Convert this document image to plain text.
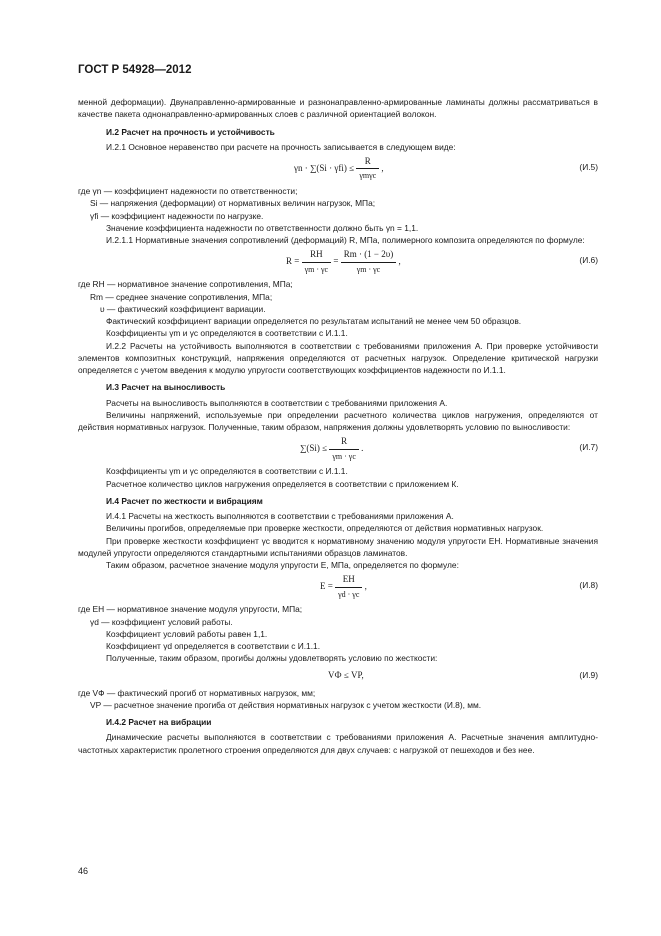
ГОСТ Р 54928—2012

менной деформации). Двунаправленно-армированные и разнонаправленно-армированные ламинаты должны рассматриваться в качестве пакета однонаправленно-армированных слоев с различной ориентацией волокон.

И.2 Расчет на прочность и устойчивость

И.2.1 Основное неравенство при расчете на прочность записывается в следующем виде:

$\gamma n \cdot \sum(Si \cdot \gamma fi) \le \frac{R}{\text{γmγc}}$ ,	(И.5)

где γn — коэффициент надежности по ответственности;

Si — напряжения (деформации) от нормативных величин нагрузок, МПа;

γfi — коэффициент надежности по нагрузке.

Значение коэффициента надежности по ответственности должно быть γn = 1,1.

И.2.1.1 Нормативные значения сопротивлений (деформаций) R, МПа, полимерного композита определяются по формуле:

$R = \frac{RH}{\gamma m \cdot \gamma c} = \frac{Rm \cdot (1 - 2\upsilon)}{\gamma m \cdot \gamma c}$ ,	(И.6)

где RH — нормативное значение сопротивления, МПа;

Rm — среднее значение сопротивления, МПа;

υ — фактический коэффициент вариации.

Фактический коэффициент вариации определяется по результатам испытаний не менее чем 50 образцов.

Коэффициенты γm и γc определяются в соответствии с И.1.1.

И.2.2 Расчеты на устойчивость выполняются в соответствии с требованиями приложения А. При проверке устойчивости элементов композитных конструкций, напряжения определяются от расчетных нагрузок. Определение критической нагрузки определяется с учетом введения к модулю упругости соответствующих коэффициентов надежности по И.1.1.

И.3 Расчет на выносливость

Расчеты на выносливость выполняются в соответствии с требованиями приложения А.

Величины напряжений, используемые при определении расчетного количества циклов нагружения, определяются от действия нормативных нагрузок. Полученные, таким образом, напряжения должны удовлетворять условию по выносливости:

$\sum(Si) \le \frac{R}{\gamma m \cdot \gamma c}$ .	(И.7)

Коэффициенты γm и γc определяются в соответствии с И.1.1.

Расчетное количество циклов нагружения определяется в соответствии с приложением К.

И.4 Расчет по жесткости и вибрациям

И.4.1 Расчеты на жесткость выполняются в соответствии с требованиями приложения А.

Величины прогибов, определяемые при проверке жесткости, определяются от действия нормативных нагрузок.

При проверке жесткости коэффициент γc вводится к нормативному значению модуля упругости EH. Нормативные значения модулей упругости определяются стандартными испытаниями образцов ламинатов.

Таким образом, расчетное значение модуля упругости E, МПа, определяется по формуле:

$E = \frac{EH}{\gamma d \cdot \gamma c}$ ,	(И.8)

где EH — нормативное значение модуля упругости, МПа;

γd — коэффициент условий работы.

Коэффициент условий работы равен 1,1.

Коэффициент γd определяется в соответствии с И.1.1.

Полученные, таким образом, прогибы должны удовлетворять условию по жесткости:

VФ ≤ VP,	(И.9)

где VФ — фактический прогиб от нормативных нагрузок, мм;

VP — расчетное значение прогиба от действия нормативных нагрузок с учетом жесткости (И.8), мм.

И.4.2 Расчет на вибрации

Динамические расчеты выполняются в соответствии с требованиями приложения А. Расчетные значения амплитудно-частотных характеристик пролетного строения определяются для двух случаев: с нагрузкой от пешеходов и без нее.

46
